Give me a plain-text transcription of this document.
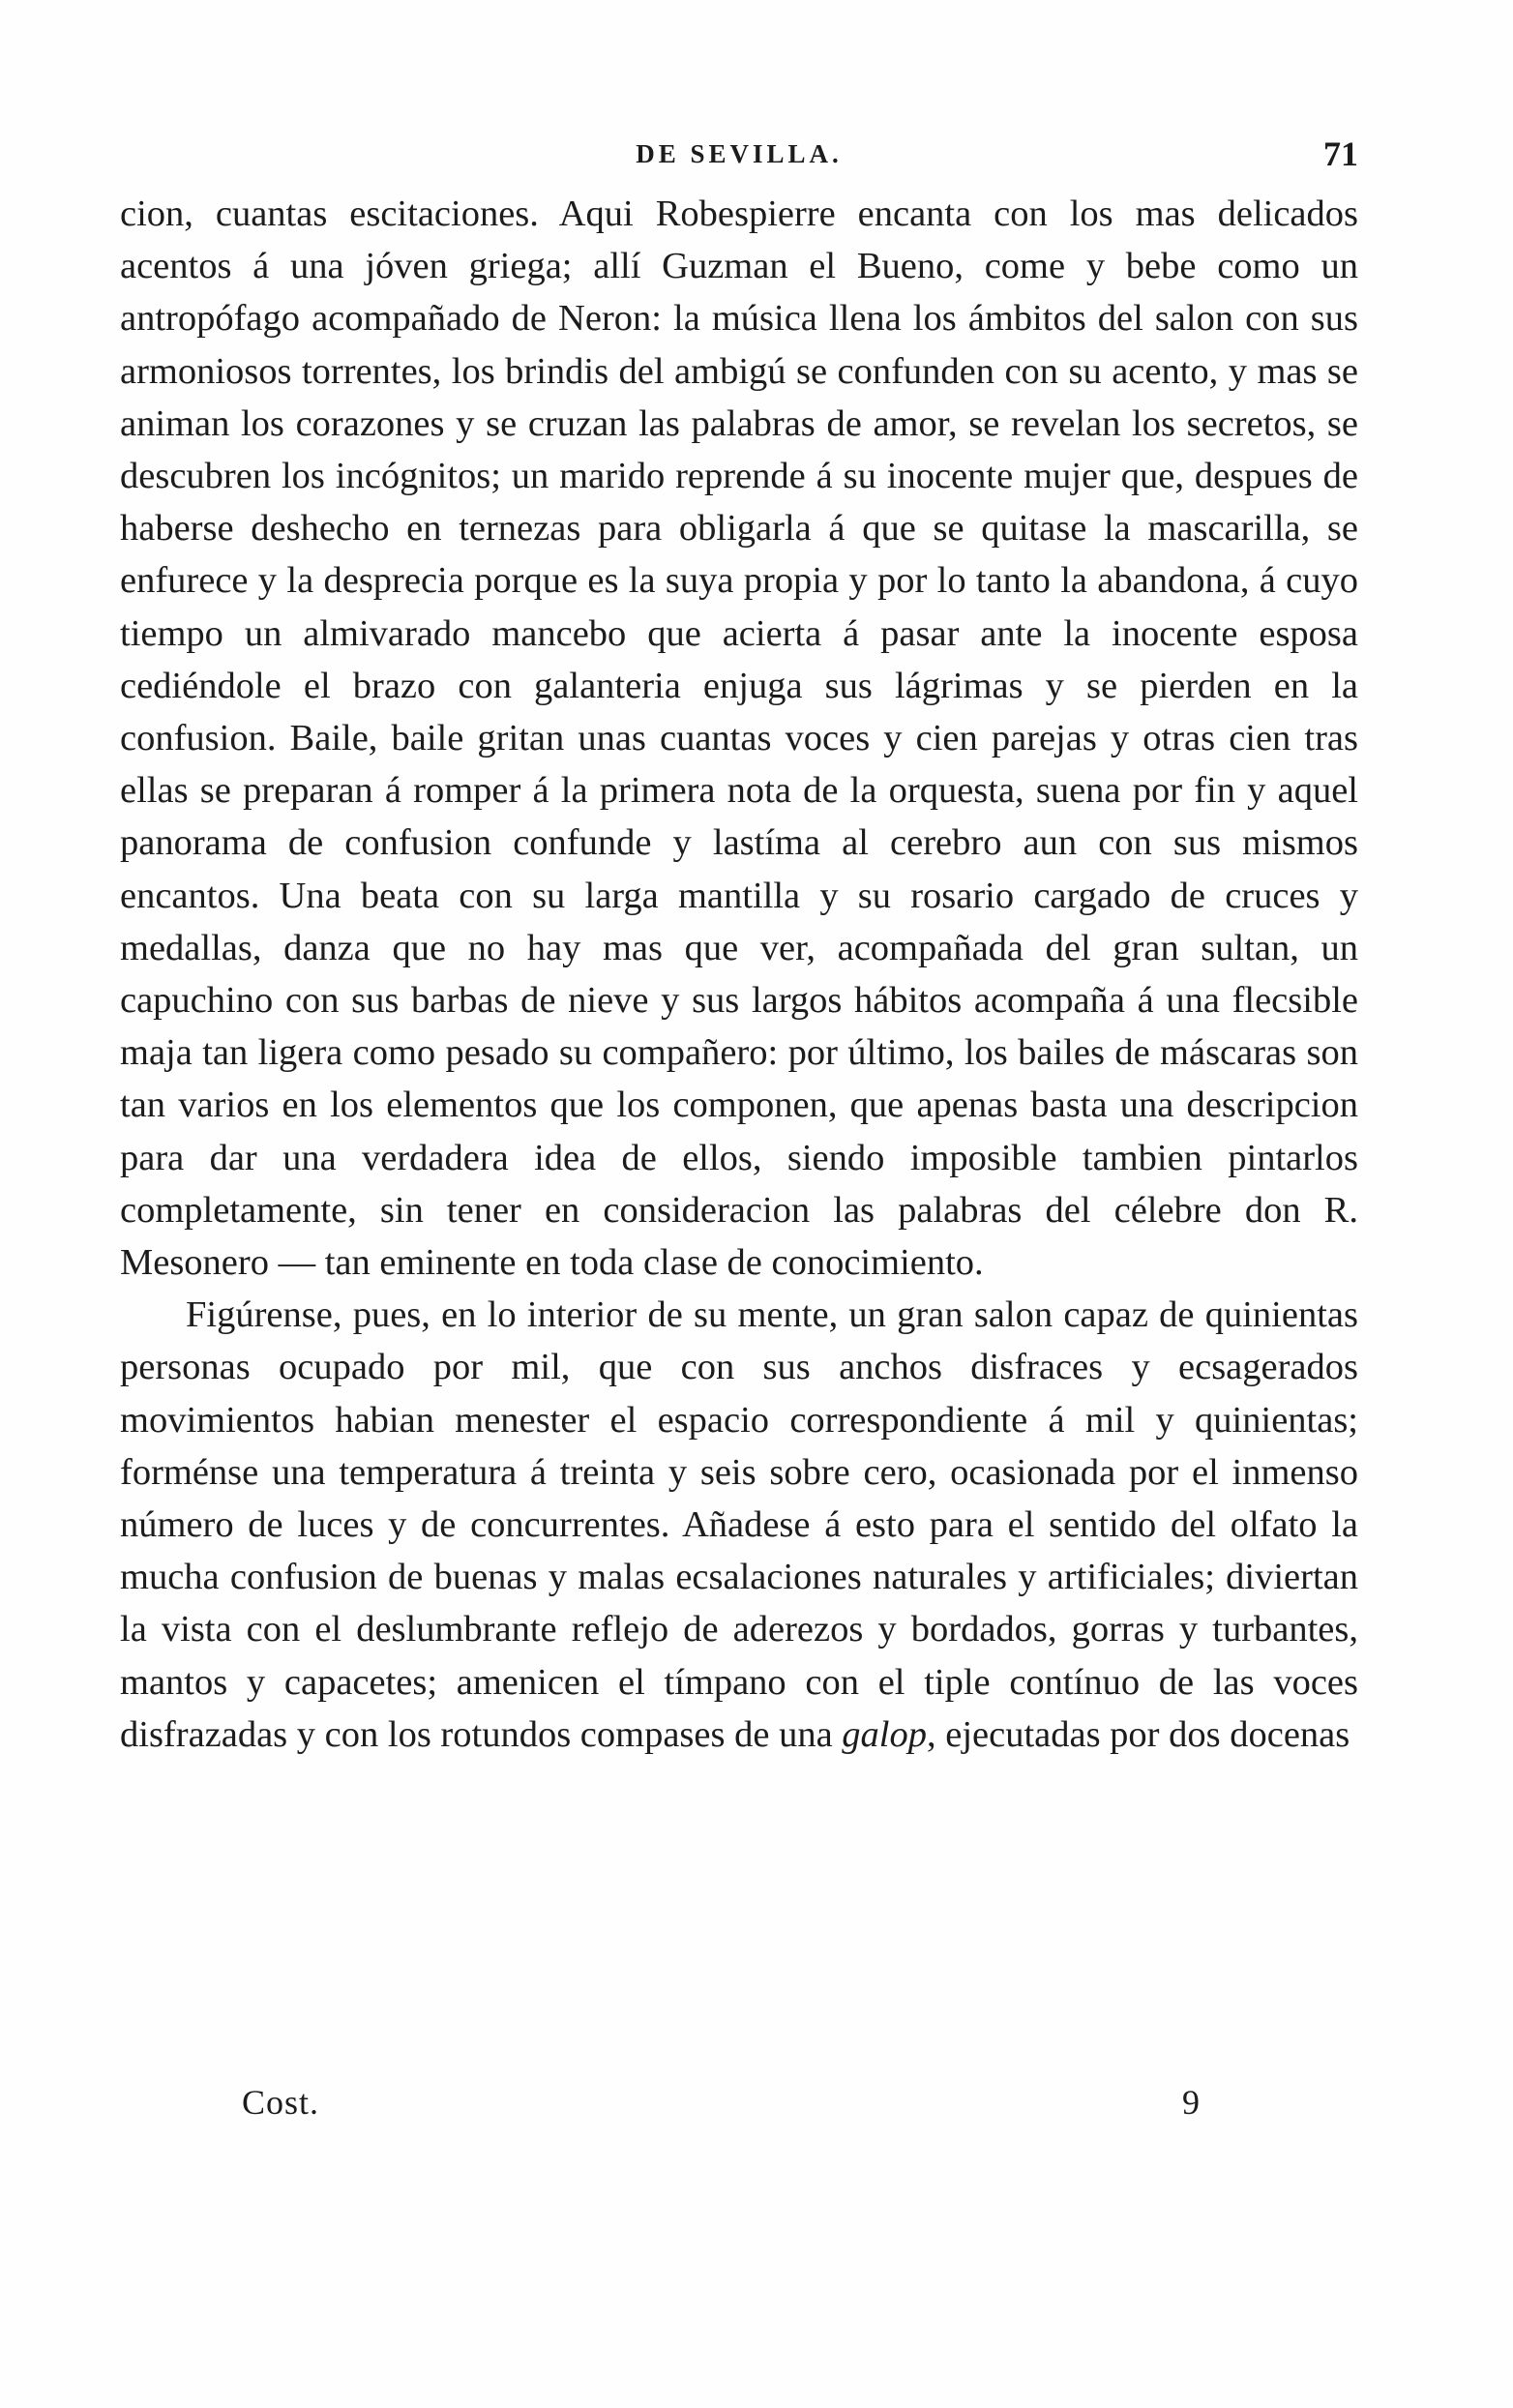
DE SEVILLA.	71

cion, cuantas escitaciones. Aqui Robespierre encanta con los mas delicados acentos á una jóven griega; allí Guzman el Bueno, come y bebe como un antropófago acompañado de Neron: la música llena los ámbitos del salon con sus armoniosos torrentes, los brindis del ambigú se confunden con su acento, y mas se animan los corazones y se cruzan las palabras de amor, se revelan los secretos, se descubren los incógnitos; un marido reprende á su inocente mujer que, despues de haberse deshecho en ternezas para obligarla á que se quitase la mascarilla, se enfurece y la desprecia porque es la suya propia y por lo tanto la abandona, á cuyo tiempo un almivarado mancebo que acierta á pasar ante la inocente esposa cediéndole el brazo con galanteria enjuga sus lágrimas y se pierden en la confusion. Baile, baile gritan unas cuantas voces y cien parejas y otras cien tras ellas se preparan á romper á la primera nota de la orquesta, suena por fin y aquel panorama de confusion confunde y lastíma al cerebro aun con sus mismos encantos. Una beata con su larga mantilla y su rosario cargado de cruces y medallas, danza que no hay mas que ver, acompañada del gran sultan, un capuchino con sus barbas de nieve y sus largos hábitos acompaña á una flecsible maja tan ligera como pesado su compañero: por último, los bailes de máscaras son tan varios en los elementos que los componen, que apenas basta una descripcion para dar una verdadera idea de ellos, siendo imposible tambien pintarlos completamente, sin tener en consideracion las palabras del célebre don R. Mesonero — tan eminente en toda clase de conocimiento.

Figúrense, pues, en lo interior de su mente, un gran salon capaz de quinientas personas ocupado por mil, que con sus anchos disfraces y ecsagerados movimientos habian menester el espacio correspondiente á mil y quinientas; forménse una temperatura á treinta y seis sobre cero, ocasionada por el inmenso número de luces y de concurrentes. Añadese á esto para el sentido del olfato la mucha confusion de buenas y malas ecsalaciones naturales y artificiales; diviertan la vista con el deslumbrante reflejo de aderezos y bordados, gorras y turbantes, mantos y capacetes; amenicen el tímpano con el tiple contínuo de las voces disfrazadas y con los rotundos compases de una galop, ejecutadas por dos docenas

Cost.	9
